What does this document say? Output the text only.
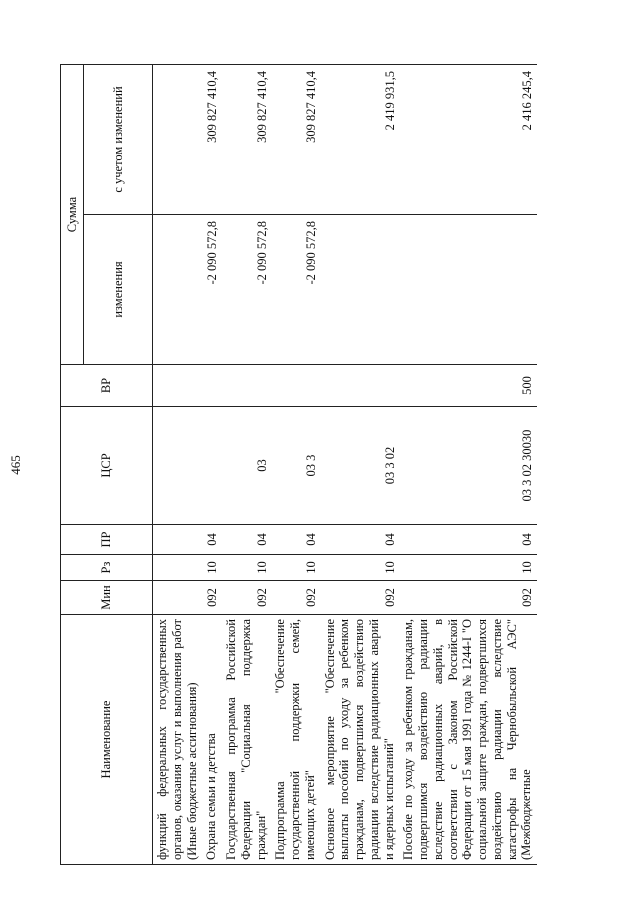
465
Наименование	Мин	Рз	ПР	ЦСР	ВР	Сумма	
						изменения	с учетом изменений
функций федеральных государственных органов, оказания услуг и выполнения работ (Иные бюджетные ассигнования)							
Охрана семьи и детства	092	10	04			-2 090 572,8	309 827 410,4
Государственная программа Российской Федерации "Социальная поддержка граждан"	092	10	04	03		-2 090 572,8	309 827 410,4
Подпрограмма "Обеспечение государственной поддержки семей, имеющих детей"	092	10	04	03 3		-2 090 572,8	309 827 410,4
Основное мероприятие "Обеспечение выплаты пособий по уходу за ребенком гражданам, подвергшимся воздействию радиации вследствие радиационных аварий и ядерных испытаний"	092	10	04	03 3 02			2 419 931,5
Пособие по уходу за ребенком гражданам, подвергшимся воздействию радиации вследствие радиационных аварий, в соответствии с Законом Российской Федерации от 15 мая 1991 года № 1244-I "О социальной защите граждан, подвергшихся воздействию радиации вследствие катастрофы на Чернобыльской АЭС" (Межбюджетные	092	10	04	03 3 02 30030	500		2 416 245,4
